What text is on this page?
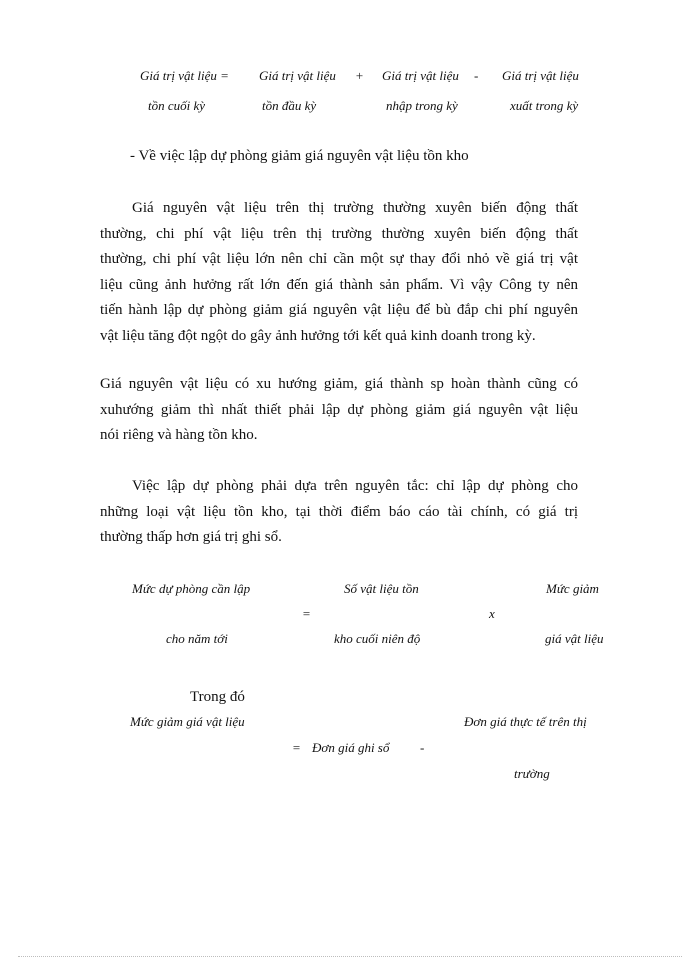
Giá trị vật liệu = Giá trị vật liệu + Giá trị vật liệu - Giá trị vật liệu
tồn cuối kỳ	tồn đầu kỳ	nhập trong kỳ	xuất trong kỳ
- Về việc lập dự phòng giảm giá nguyên vật liệu tồn kho
Giá nguyên vật liệu trên thị trường thường xuyên biến động thất
thường, chi phí vật liệu trên thị trường thường xuyên biến động thất
thường, chi phí vật liệu lớn nên chỉ cần một sự thay đổi nhỏ về giá trị vật
liệu cũng ảnh hưởng rất lớn đến giá thành sản phẩm. Vì vậy Công ty nên
tiến hành lập dự phòng giảm giá nguyên vật liệu để bù đắp chi phí nguyên
vật liệu tăng đột ngột do gây ảnh hưởng tới kết quả kinh doanh trong kỳ.
Giá nguyên vật liệu có xu hướng giảm, giá thành sp hoàn thành cũng có
xuhướng giảm thì nhất thiết phải lập dự phòng giảm giá nguyên vật liệu
nói riêng và hàng tồn kho.
Việc lập dự phòng phải dựa trên nguyên tắc: chỉ lập dự phòng cho
những loại vật liệu tồn kho, tại thời điểm báo cáo tài chính, có giá trị
thường thấp hơn giá trị ghi sổ.
Mức dự phòng cần lập
cho năm tới
=
Số vật liệu tồn
kho cuối niên độ
x
Mức giảm
giá vật liệu
Trong đó
Mức giảm giá vật liệu
= Đơn giá ghi sổ -
Đơn giá thực tế trên thị
trường
